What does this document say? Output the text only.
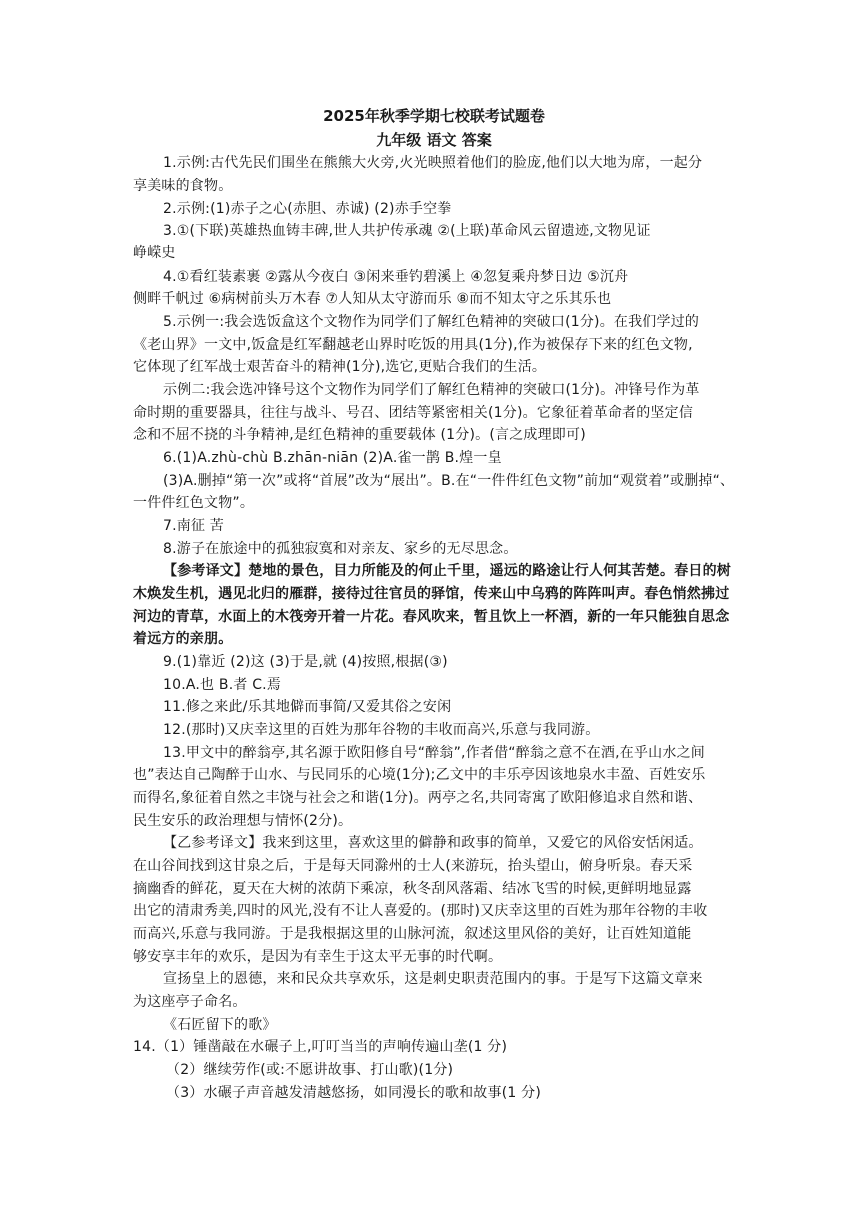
2025年秋季学期七校联考试题卷
九年级 语文 答案
1.示例:古代先民们围坐在熊熊大火旁,火光映照着他们的脸庞,他们以大地为席，一起分
享美味的食物。
2.示例:(1)赤子之心(赤胆、赤诚) (2)赤手空拳
3.①(下联)英雄热血铸丰碑,世人共护传承魂 ②(上联)革命风云留遗迹,文物见证
峥嵘史
4.①看红装素裹 ②露从今夜白 ③闲来垂钓碧溪上 ④忽复乘舟梦日边 ⑤沉舟
侧畔千帆过 ⑥病树前头万木春 ⑦人知从太守游而乐 ⑧而不知太守之乐其乐也
5.示例一:我会选饭盒这个文物作为同学们了解红色精神的突破口(1分)。在我们学过的
《老山界》一文中,饭盒是红军翻越老山界时吃饭的用具(1分),作为被保存下来的红色文物,
它体现了红军战士艰苦奋斗的精神(1分),选它,更贴合我们的生活。
示例二:我会选冲锋号这个文物作为同学们了解红色精神的突破口(1分)。冲锋号作为革
命时期的重要器具，往往与战斗、号召、团结等紧密相关(1分)。它象征着革命者的坚定信
念和不屈不挠的斗争精神,是红色精神的重要载体 (1分)。(言之成理即可)
6.(1)A.zhù-chù B.zhān-niān (2)A.雀一鹊 B.煌一皇
(3)A.删掉“第一次”或将“首展”改为“展出”。B.在“一件件红色文物”前加“观赏着”或删掉“、
一件件红色文物”。
7.南征 苦
8.游子在旅途中的孤独寂寞和对亲友、家乡的无尽思念。
【参考译文】楚地的景色，目力所能及的何止千里，遥远的路途让行人何其苦楚。春日的树
木焕发生机，遇见北归的雁群，接待过往官员的驿馆，传来山中乌鸦的阵阵叫声。春色悄然拂过
河边的青草，水面上的木筏旁开着一片花。春风吹来，暂且饮上一杯酒，新的一年只能独自思念
着远方的亲朋。
9.(1)靠近 (2)这 (3)于是,就 (4)按照,根据(③)
10.A.也 B.者 C.焉
11.修之来此/乐其地僻而事简/又爱其俗之安闲
12.(那时)又庆幸这里的百姓为那年谷物的丰收而高兴,乐意与我同游。
13.甲文中的醉翁亭,其名源于欧阳修自号“醉翁”,作者借“醉翁之意不在酒,在乎山水之间
也”表达自己陶醉于山水、与民同乐的心境(1分);乙文中的丰乐亭因该地泉水丰盈、百姓安乐
而得名,象征着自然之丰饶与社会之和谐(1分)。两亭之名,共同寄寓了欧阳修追求自然和谐、
民生安乐的政治理想与情怀(2分)。
【乙参考译文】我来到这里，喜欢这里的僻静和政事的简单，又爱它的风俗安恬闲适。
在山谷间找到这甘泉之后，于是每天同滁州的士人(来游玩，抬头望山，俯身听泉。春天采
摘幽香的鲜花，夏天在大树的浓荫下乘凉，秋冬刮风落霜、结冰飞雪的时候,更鲜明地显露
出它的清肃秀美,四时的风光,没有不让人喜爱的。(那时)又庆幸这里的百姓为那年谷物的丰收
而高兴,乐意与我同游。于是我根据这里的山脉河流，叙述这里风俗的美好，让百姓知道能
够安享丰年的欢乐，是因为有幸生于这太平无事的时代啊。
宣扬皇上的恩德，来和民众共享欢乐，这是刺史职责范围内的事。于是写下这篇文章来
为这座亭子命名。
《石匠留下的歌》
14.（1）锤凿敲在水碾子上,叮叮当当的声响传遍山垄(1 分)
（2）继续劳作(或:不愿讲故事、打山歌)(1分)
（3）水碾子声音越发清越悠扬，如同漫长的歌和故事(1 分)
